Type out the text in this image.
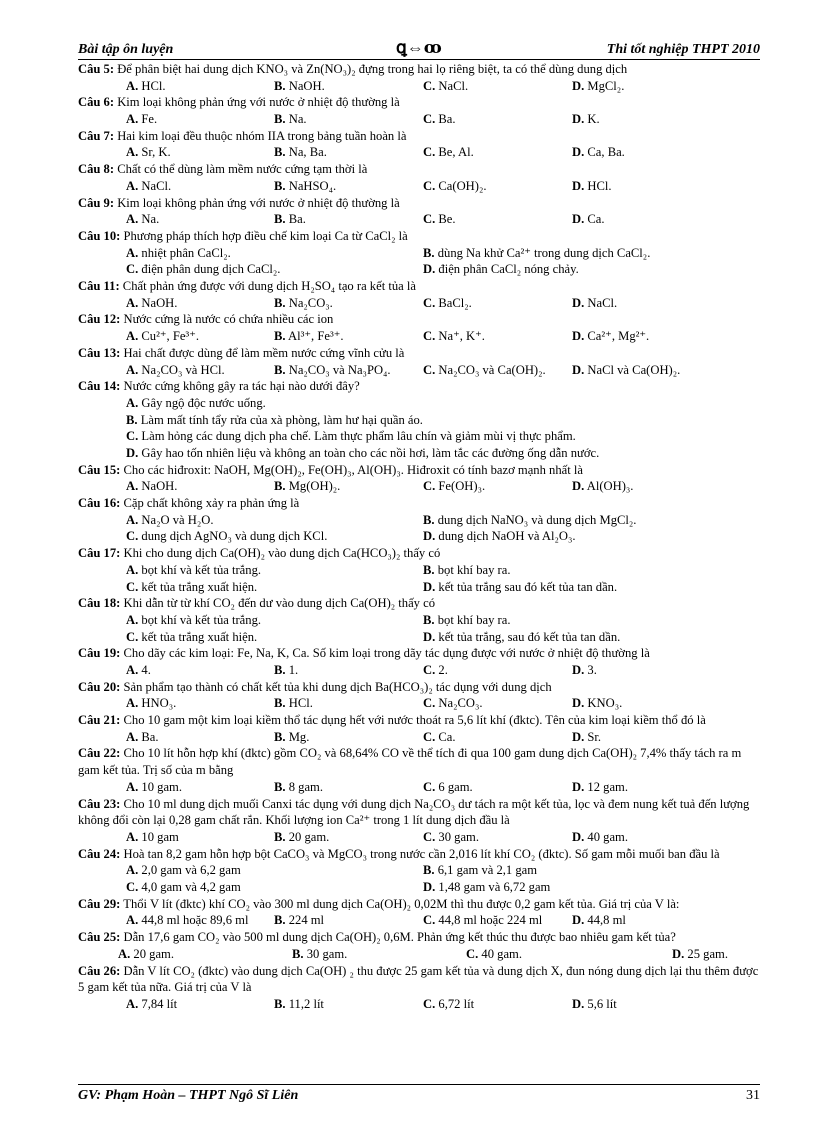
Bài tập ôn luyện	ꝗ⇔ꝏ	Thi tốt nghiệp THPT 2010
Câu 5: Để phân biệt hai dung dịch KNO₃ và Zn(NO₃)₂ đựng trong hai lọ riêng biệt, ta có thể dùng dung dịch
A. HCl.	B. NaOH.	C. NaCl.	D. MgCl₂.
Câu 6: Kim loại không phản ứng với nước ở nhiệt độ thường là
A. Fe.	B. Na.	C. Ba.	D. K.
Câu 7: Hai kim loại đều thuộc nhóm IIA trong bảng tuần hoàn là
A. Sr, K.	B. Na, Ba.	C. Be, Al.	D. Ca, Ba.
Câu 8: Chất có thể dùng làm mềm nước cứng tạm thời là
A. NaCl.	B. NaHSO₄.	C. Ca(OH)₂.	D. HCl.
Câu 9: Kim loại không phản ứng với nước ở nhiệt độ thường là
A. Na.	B. Ba.	C. Be.	D. Ca.
Câu 10: Phương pháp thích hợp điều chế kim loại Ca từ CaCl₂ là
A. nhiệt phân CaCl₂.	B. dùng Na khử Ca²⁺ trong dung dịch CaCl₂.
C. điện phân dung dịch CaCl₂.	D. điện phân CaCl₂ nóng chảy.
Câu 11: Chất phản ứng được với dung dịch H₂SO₄ tạo ra kết tủa là
A. NaOH.	B. Na₂CO₃.	C. BaCl₂.	D. NaCl.
Câu 12: Nước cứng là nước có chứa nhiều các ion
A. Cu²⁺, Fe³⁺.	B. Al³⁺, Fe³⁺.	C. Na⁺, K⁺.	D. Ca²⁺, Mg²⁺.
Câu 13: Hai chất được dùng để làm mềm nước cứng vĩnh cửu là
A. Na₂CO₃ và HCl.	B. Na₂CO₃ và Na₃PO₄.	C. Na₂CO₃ và Ca(OH)₂. D. NaCl và Ca(OH)₂.
Câu 14: Nước cứng không gây ra tác hại nào dưới đây?
A. Gây ngộ độc nước uống.
B. Làm mất tính tẩy rửa của xà phòng, làm hư hại quần áo.
C. Làm hỏng các dung dịch pha chế. Làm thực phẩm lâu chín và giảm mùi vị thực phẩm.
D. Gây hao tốn nhiên liệu và không an toàn cho các nồi hơi, làm tắc các đường ống dẫn nước.
Câu 15: Cho các hiđroxit: NaOH, Mg(OH)₂, Fe(OH)₃, Al(OH)₃. Hiđroxit có tính bazơ mạnh nhất là
A. NaOH.	B. Mg(OH)₂.	C. Fe(OH)₃.	D. Al(OH)₃.
Câu 16: Cặp chất không xảy ra phản ứng là
A. Na₂O và H₂O.	B. dung dịch NaNO₃ và dung dịch MgCl₂.
C. dung dịch AgNO₃ và dung dịch KCl.	D. dung dịch NaOH và Al₂O₃.
Câu 17: Khi cho dung dịch Ca(OH)₂ vào dung dịch Ca(HCO₃)₂ thấy có
A. bọt khí và kết tủa trắng.	B. bọt khí bay ra.
C. kết tủa trắng xuất hiện.	D. kết tủa trắng sau đó kết tủa tan dần.
Câu 18: Khi dẫn từ từ khí CO₂ đến dư vào dung dịch Ca(OH)₂ thấy có
A. bọt khí và kết tủa trắng.	B. bọt khí bay ra.
C. kết tủa trắng xuất hiện.	D. kết tủa trắng, sau đó kết tủa tan dần.
Câu 19: Cho dãy các kim loại: Fe, Na, K, Ca. Số kim loại trong dãy tác dụng được với nước ở nhiệt độ thường là
A. 4.	B. 1.	C. 2.	D. 3.
Câu 20: Sản phẩm tạo thành có chất kết tủa khi dung dịch Ba(HCO₃)₂ tác dụng với dung dịch
A. HNO₃.	B. HCl.	C. Na₂CO₃.	D. KNO₃.
Câu 21: Cho 10 gam một kim loại kiềm thổ tác dụng hết với nước thoát ra 5,6 lít khí (đktc). Tên của kim loại kiềm thổ đó là
A. Ba.	B. Mg.	C. Ca.	D. Sr.
Câu 22: Cho 10 lít hỗn hợp khí (đktc) gồm CO₂ và 68,64% CO về thể tích đi qua 100 gam dung dịch Ca(OH)₂ 7,4% thấy tách ra m gam kết tủa. Trị số của m bằng
A. 10 gam.	B. 8 gam.	C. 6 gam.	D. 12 gam.
Câu 23: Cho 10 ml dung dịch muối Canxi tác dụng với dung dịch Na₂CO₃ dư tách ra một kết tủa, lọc và đem nung kết tuả đến lượng không đổi còn lại 0,28 gam chất rắn. Khối lượng ion Ca²⁺ trong 1 lít dung dịch đầu là
A. 10 gam	B. 20 gam.	C. 30 gam.	D. 40 gam.
Câu 24: Hoà tan 8,2 gam hỗn hợp bột CaCO₃ và MgCO₃ trong nước cần 2,016 lít khí CO₂ (đktc). Số gam mỗi muối ban đầu là
A. 2,0 gam và 6,2 gam	B. 6,1 gam và 2,1 gam
C. 4,0 gam và 4,2 gam	D. 1,48 gam và 6,72 gam
Câu 29: Thổi V lít (đktc) khí CO₂ vào 300 ml dung dịch Ca(OH)₂ 0,02M thì thu được 0,2 gam kết tủa. Giá trị của V là:
A. 44,8 ml hoặc 89,6 ml B. 224 ml	C. 44,8 ml hoặc 224 ml D. 44,8 ml
Câu 25: Dẫn 17,6 gam CO₂ vào 500 ml dung dịch Ca(OH)₂ 0,6M. Phản ứng kết thúc thu được bao nhiêu gam kết tủa?
A. 20 gam.	B. 30 gam.	C. 40 gam.	D. 25 gam.
Câu 26: Dẫn V lít CO₂ (đktc) vào dung dịch Ca(OH) ₂ thu được 25 gam kết tủa và dung dịch X, đun nóng dung dịch lại thu thêm được 5 gam kết tủa nữa. Giá trị của V là
A. 7,84 lít	B. 11,2 lít	C. 6,72 lít	D. 5,6 lít
GV: Phạm Hoàn – THPT Ngô Sĩ Liên	31
